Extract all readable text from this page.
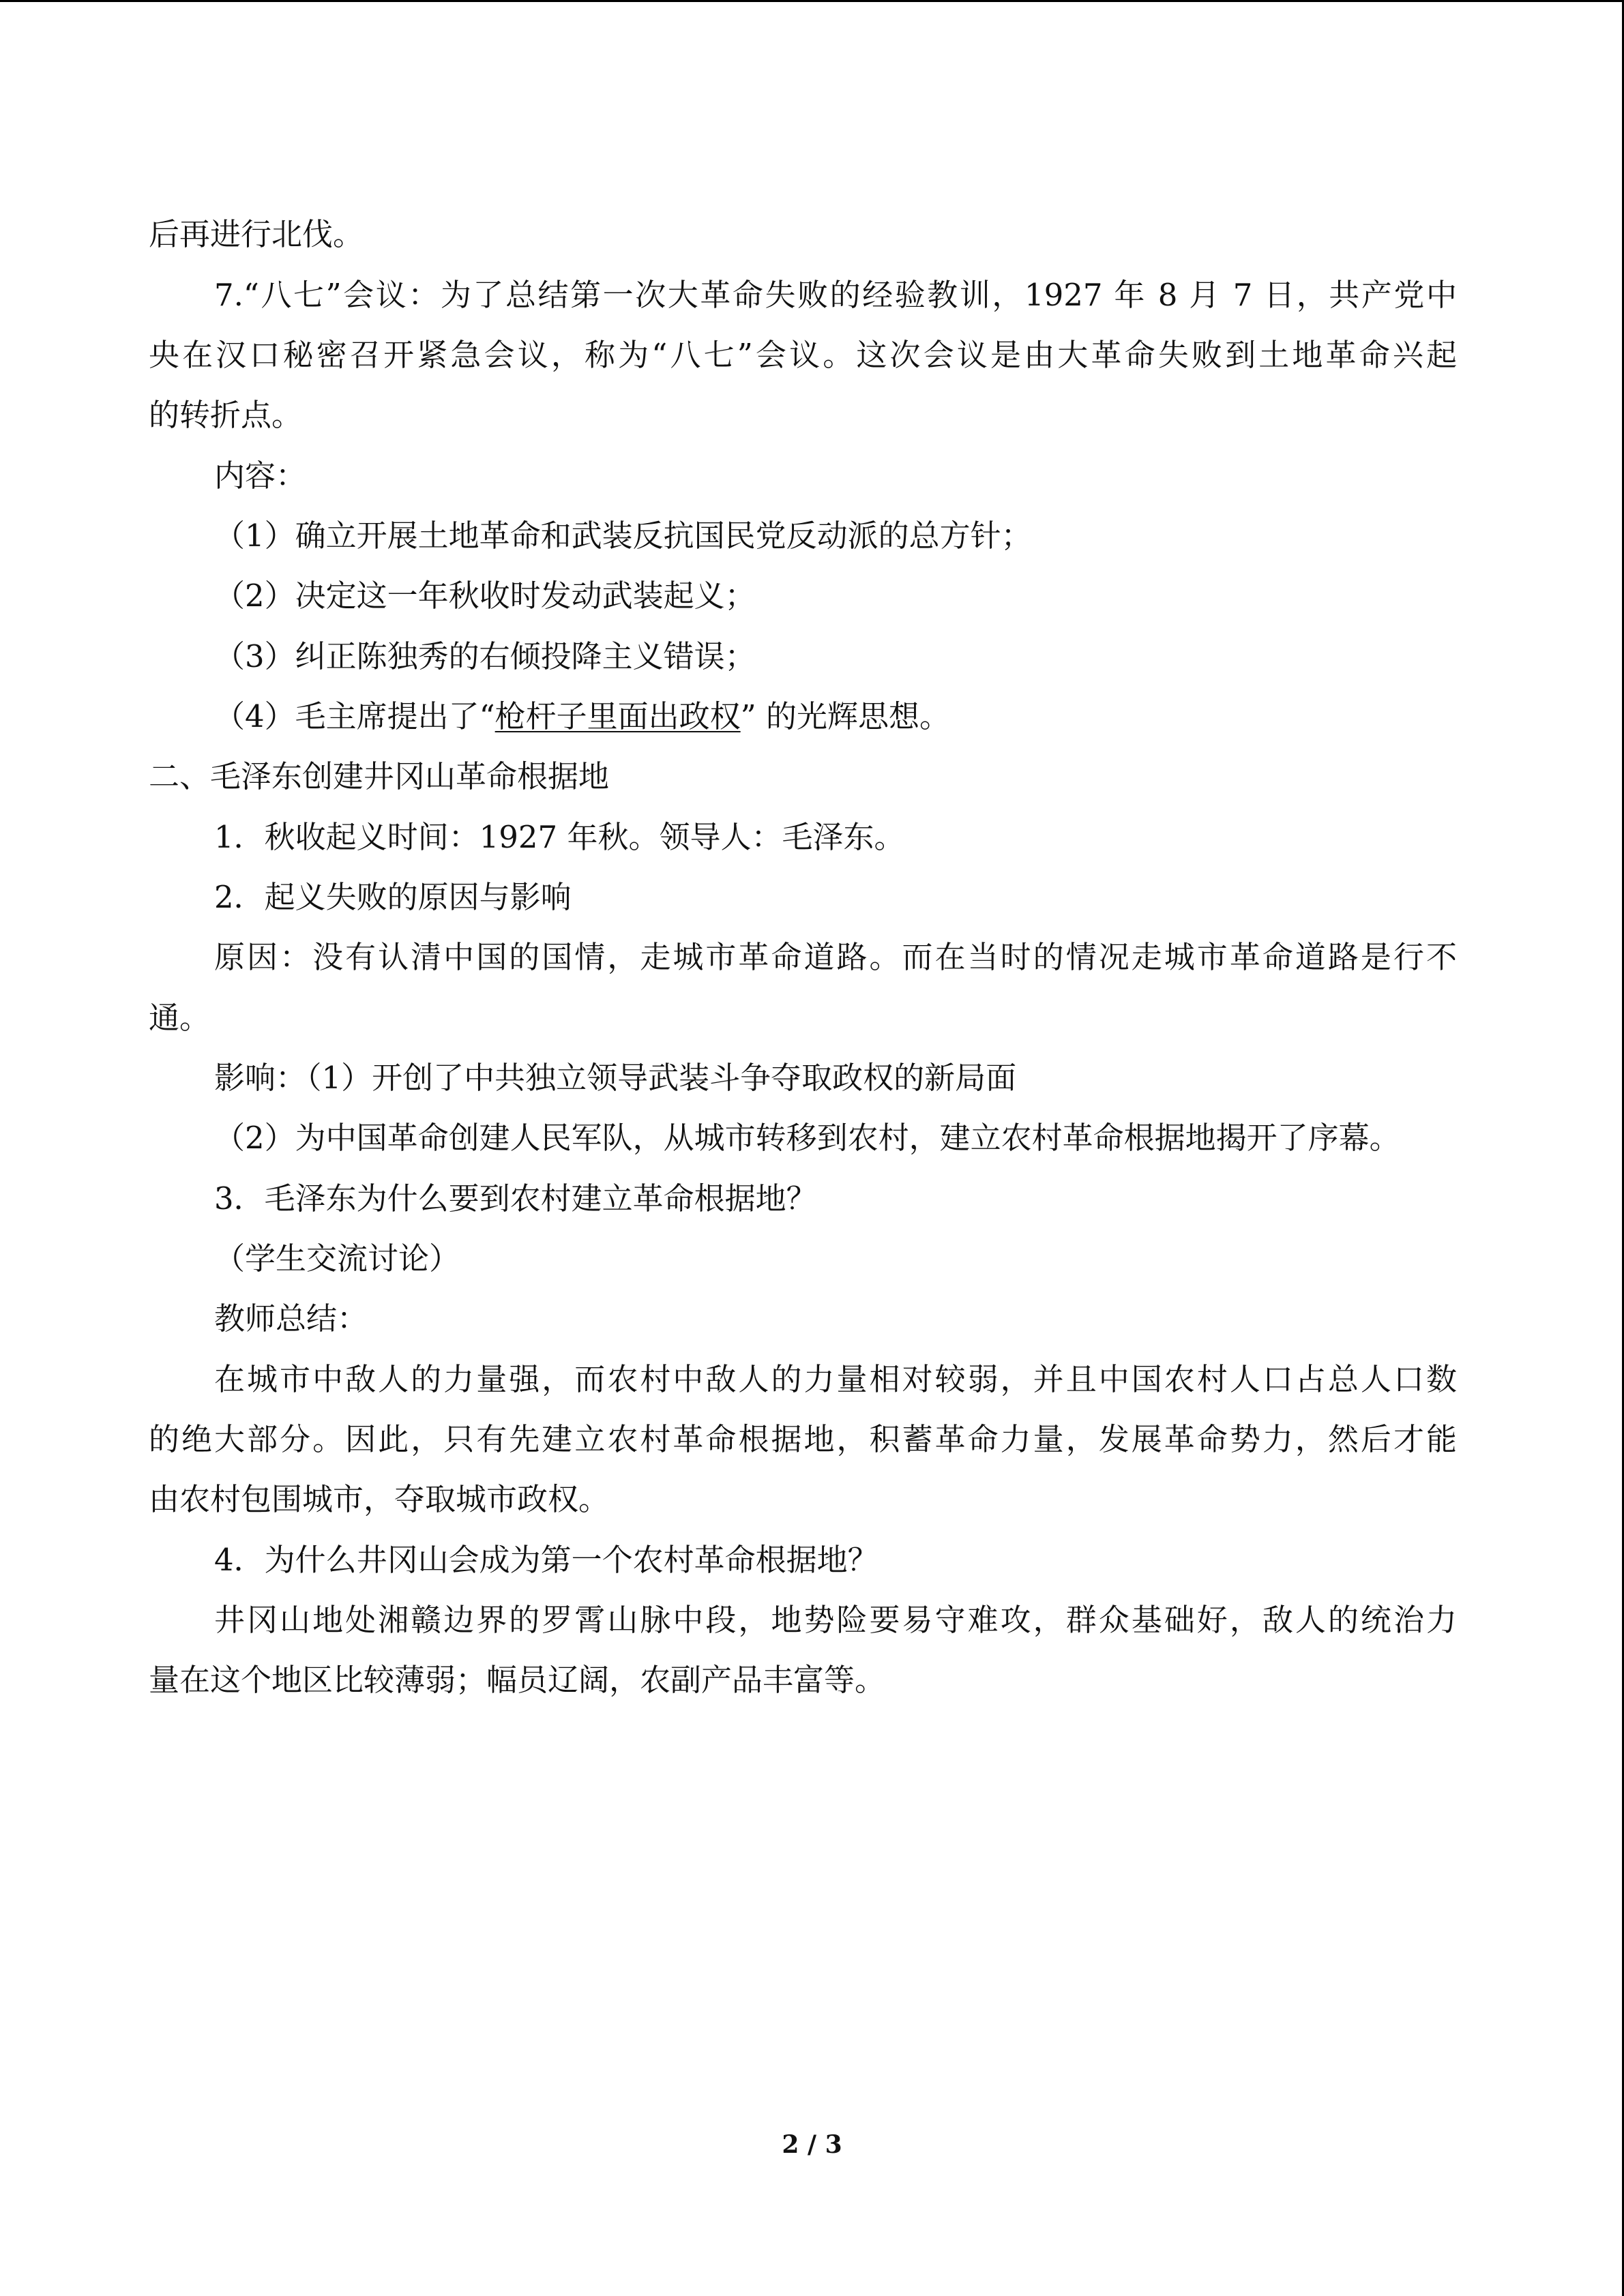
后再进行北伐。
7.“八七”会议：为了总结第一次大革命失败的经验教训，1927 年 8 月 7 日，共产党中
央在汉口秘密召开紧急会议，称为“八七”会议。这次会议是由大革命失败到土地革命兴起
的转折点。
内容：
（1）确立开展土地革命和武装反抗国民党反动派的总方针；
（2）决定这一年秋收时发动武装起义；
（3）纠正陈独秀的右倾投降主义错误；
（4）毛主席提出了“枪杆子里面出政权” 的光辉思想。
二、毛泽东创建井冈山革命根据地
1．秋收起义时间：1927 年秋。领导人：毛泽东。
2．起义失败的原因与影响
原因：没有认清中国的国情，走城市革命道路。而在当时的情况走城市革命道路是行不
通。
影响：（1）开创了中共独立领导武装斗争夺取政权的新局面
（2）为中国革命创建人民军队，从城市转移到农村，建立农村革命根据地揭开了序幕。
3．毛泽东为什么要到农村建立革命根据地？
（学生交流讨论）
教师总结：
在城市中敌人的力量强，而农村中敌人的力量相对较弱，并且中国农村人口占总人口数
的绝大部分。因此，只有先建立农村革命根据地，积蓄革命力量，发展革命势力，然后才能
由农村包围城市，夺取城市政权。
4．为什么井冈山会成为第一个农村革命根据地？
井冈山地处湘赣边界的罗霄山脉中段，地势险要易守难攻，群众基础好，敌人的统治力
量在这个地区比较薄弱；幅员辽阔，农副产品丰富等。
2 / 3
